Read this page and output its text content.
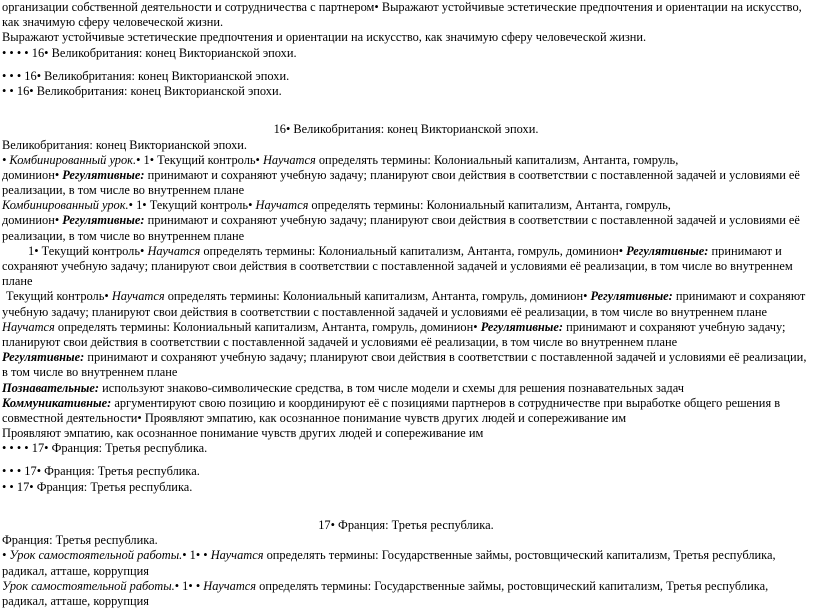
организации собственной деятельности и сотрудничества с партнером• Выражают устойчивые эстетические предпочтения и ориентации на искусство,
как значимую сферу человеческой жизни.
Выражают устойчивые эстетические предпочтения и ориентации на искусство, как значимую сферу человеческой жизни.
• • • • 16• Великобритания: конец Викторианской эпохи.
• • • 16• Великобритания: конец Викторианской эпохи.
• • 16• Великобритания: конец Викторианской эпохи.
16• Великобритания: конец Викторианской эпохи.
Великобритания: конец Викторианской эпохи.
• Комбинированный урок.• 1• Текущий контроль• Научатся определять термины: Колониальный капитализм, Антанта, гомруль,
доминион• Регулятивные: принимают и сохраняют учебную задачу; планируют свои действия в соответствии с поставленной задачей и условиями её
реализации, в том числе во внутреннем плане
Комбинированный урок.• 1• Текущий контроль• Научатся определять термины: Колониальный капитализм, Антанта, гомруль,
доминион• Регулятивные: принимают и сохраняют учебную задачу; планируют свои действия в соответствии с поставленной задачей и условиями её
реализации, в том числе во внутреннем плане
1• Текущий контроль• Научатся определять термины: Колониальный капитализм, Антанта, гомруль, доминион• Регулятивные: принимают и
сохраняют учебную задачу; планируют свои действия в соответствии с поставленной задачей и условиями её реализации, в том числе во внутреннем
плане
Текущий контроль• Научатся определять термины: Колониальный капитализм, Антанта, гомруль, доминион• Регулятивные: принимают и сохраняют
учебную задачу; планируют свои действия в соответствии с поставленной задачей и условиями её реализации, в том числе во внутреннем плане
Научатся определять термины: Колониальный капитализм, Антанта, гомруль, доминион• Регулятивные: принимают и сохраняют учебную задачу;
планируют свои действия в соответствии с поставленной задачей и условиями её реализации, в том числе во внутреннем плане
Регулятивные: принимают и сохраняют учебную задачу; планируют свои действия в соответствии с поставленной задачей и условиями её реализации,
в том числе во внутреннем плане
Познавательные: используют знаково-символические средства, в том числе модели и схемы для решения познавательных задач
Коммуникативные: аргументируют свою позицию и координируют её с позициями партнеров в сотрудничестве при выработке общего решения в
совместной деятельности• Проявляют эмпатию, как осознанное понимание чувств других людей и сопереживание им
Проявляют эмпатию, как осознанное понимание чувств других людей и сопереживание им
• • • • 17• Франция: Третья республика.
• • • 17• Франция: Третья республика.
• • 17• Франция: Третья республика.
17• Франция: Третья республика.
Франция: Третья республика.
• Урок самостоятельной работы.• 1• • Научатся определять термины: Государственные займы, ростовщический капитализм, Третья республика,
радикал, атташе, коррупция
Урок самостоятельной работы.• 1• • Научатся определять термины: Государственные займы, ростовщический капитализм, Третья республика,
радикал, атташе, коррупция
